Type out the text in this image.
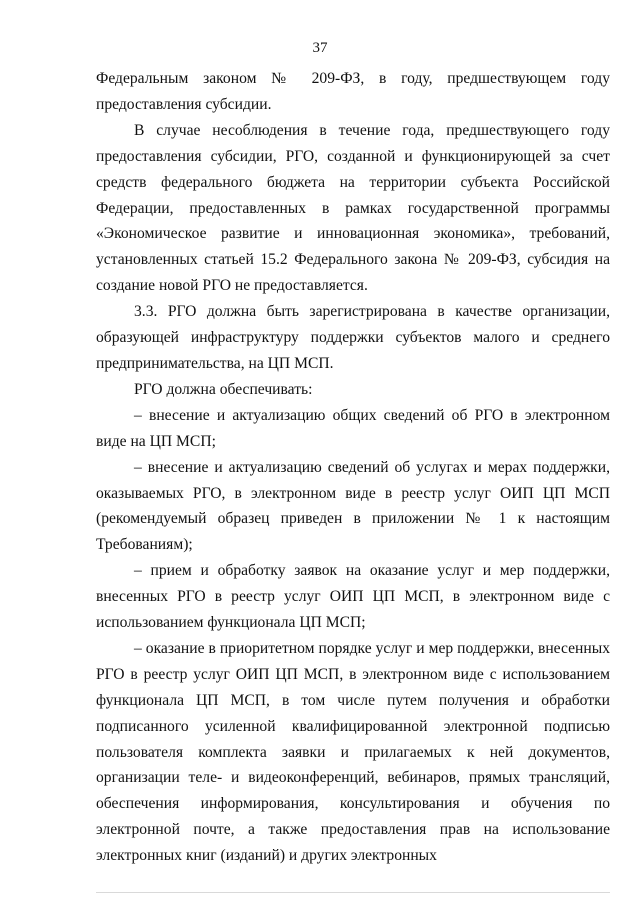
37

Федеральным законом № 209-ФЗ, в году, предшествующем году предоставления субсидии.

В случае несоблюдения в течение года, предшествующего году предоставления субсидии, РГО, созданной и функционирующей за счет средств федерального бюджета на территории субъекта Российской Федерации, предоставленных в рамках государственной программы «Экономическое развитие и инновационная экономика», требований, установленных статьей 15.2 Федерального закона № 209-ФЗ, субсидия на создание новой РГО не предоставляется.

3.3. РГО должна быть зарегистрирована в качестве организации, образующей инфраструктуру поддержки субъектов малого и среднего предпринимательства, на ЦП МСП.

РГО должна обеспечивать:

– внесение и актуализацию общих сведений об РГО в электронном виде на ЦП МСП;

– внесение и актуализацию сведений об услугах и мерах поддержки, оказываемых РГО, в электронном виде в реестр услуг ОИП ЦП МСП (рекомендуемый образец приведен в приложении № 1 к настоящим Требованиям);

– прием и обработку заявок на оказание услуг и мер поддержки, внесенных РГО в реестр услуг ОИП ЦП МСП, в электронном виде с использованием функционала ЦП МСП;

– оказание в приоритетном порядке услуг и мер поддержки, внесенных РГО в реестр услуг ОИП ЦП МСП, в электронном виде с использованием функционала ЦП МСП, в том числе путем получения и обработки подписанного усиленной квалифицированной электронной подписью пользователя комплекта заявки и прилагаемых к ней документов, организации теле- и видеоконференций, вебинаров, прямых трансляций, обеспечения информирования, консультирования и обучения по электронной почте, а также предоставления прав на использование электронных книг (изданий) и других электронных
